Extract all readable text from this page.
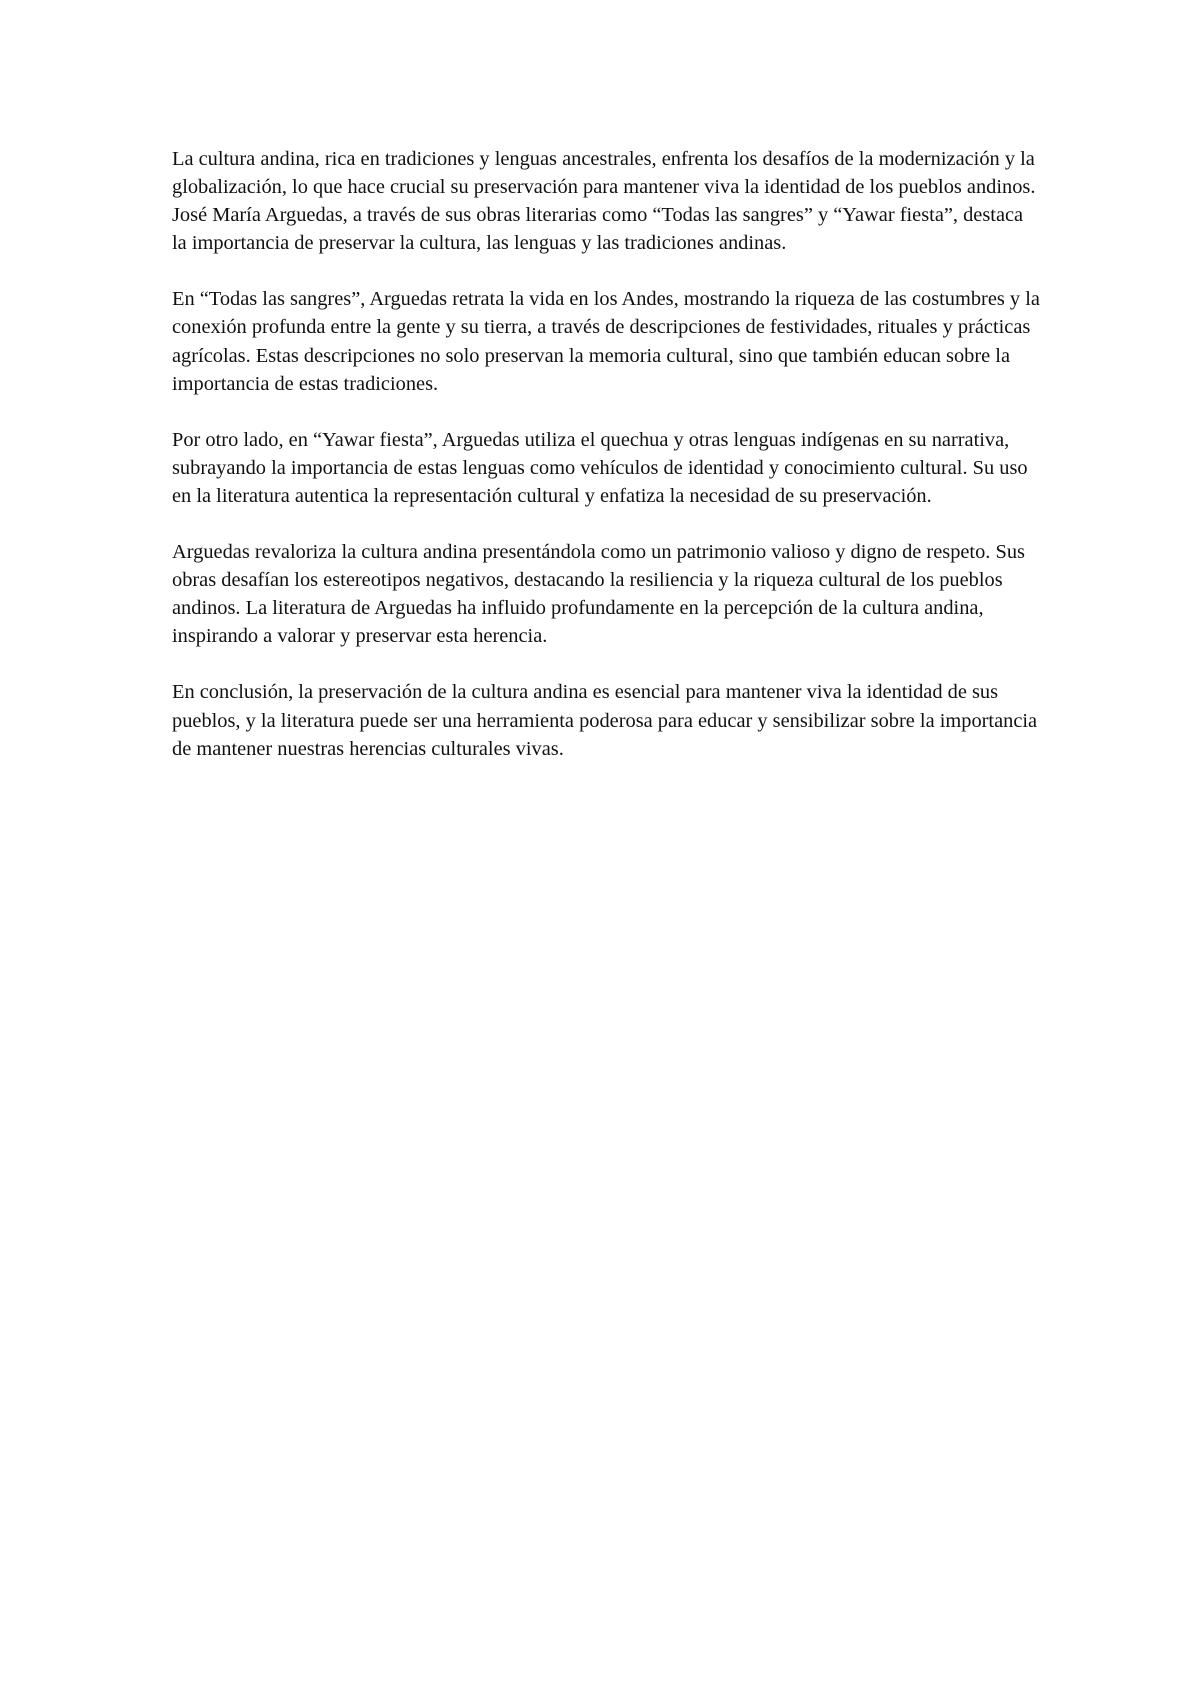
La cultura andina, rica en tradiciones y lenguas ancestrales, enfrenta los desafíos de la modernización y la globalización, lo que hace crucial su preservación para mantener viva la identidad de los pueblos andinos. José María Arguedas, a través de sus obras literarias como “Todas las sangres” y “Yawar fiesta”, destaca la importancia de preservar la cultura, las lenguas y las tradiciones andinas.

En “Todas las sangres”, Arguedas retrata la vida en los Andes, mostrando la riqueza de las costumbres y la conexión profunda entre la gente y su tierra, a través de descripciones de festividades, rituales y prácticas agrícolas. Estas descripciones no solo preservan la memoria cultural, sino que también educan sobre la importancia de estas tradiciones.

Por otro lado, en “Yawar fiesta”, Arguedas utiliza el quechua y otras lenguas indígenas en su narrativa, subrayando la importancia de estas lenguas como vehículos de identidad y conocimiento cultural. Su uso en la literatura autentica la representación cultural y enfatiza la necesidad de su preservación.

Arguedas revaloriza la cultura andina presentándola como un patrimonio valioso y digno de respeto. Sus obras desafían los estereotipos negativos, destacando la resiliencia y la riqueza cultural de los pueblos andinos. La literatura de Arguedas ha influido profundamente en la percepción de la cultura andina, inspirando a valorar y preservar esta herencia.

En conclusión, la preservación de la cultura andina es esencial para mantener viva la identidad de sus pueblos, y la literatura puede ser una herramienta poderosa para educar y sensibilizar sobre la importancia de mantener nuestras herencias culturales vivas.
